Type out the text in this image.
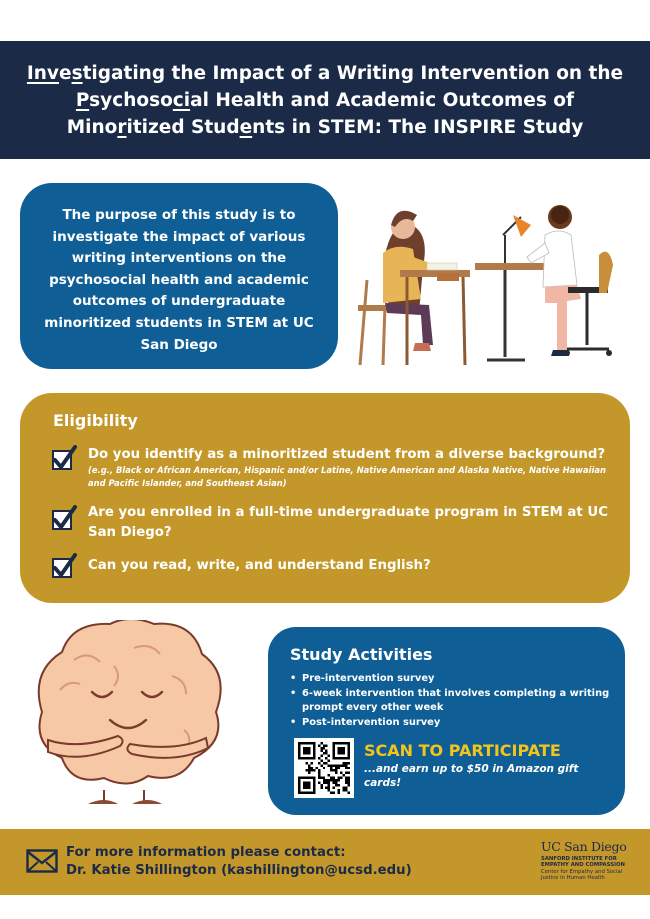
Investigating the Impact of a Writing Intervention on the
Psychosocial Health and Academic Outcomes of
Minoritized Students in STEM: The INSPIRE Study
The purpose of this study is to investigate the impact of various writing interventions on the psychosocial health and academic outcomes of undergraduate minoritized students in STEM at UC San Diego
Eligibility
Do you identify as a minoritized student from a diverse background?
(e.g., Black or African American, Hispanic and/or Latine, Native American and Alaska Native, Native Hawaiian and Pacific Islander, and Southeast Asian)
Are you enrolled in a full-time undergraduate program in STEM at UC
San Diego?
Can you read, write, and understand English?
Study Activities
• Pre-intervention survey
• 6-week intervention that involves completing a writing prompt every other week
• Post-intervention survey
SCAN TO PARTICIPATE
...and earn up to $50 in Amazon gift cards!
For more information please contact:
Dr. Katie Shillington (kashillington@ucsd.edu)
UC San Diego
SANFORD INSTITUTE FOR EMPATHY AND COMPASSION
Center for Empathy and Social Justice in Human Health
